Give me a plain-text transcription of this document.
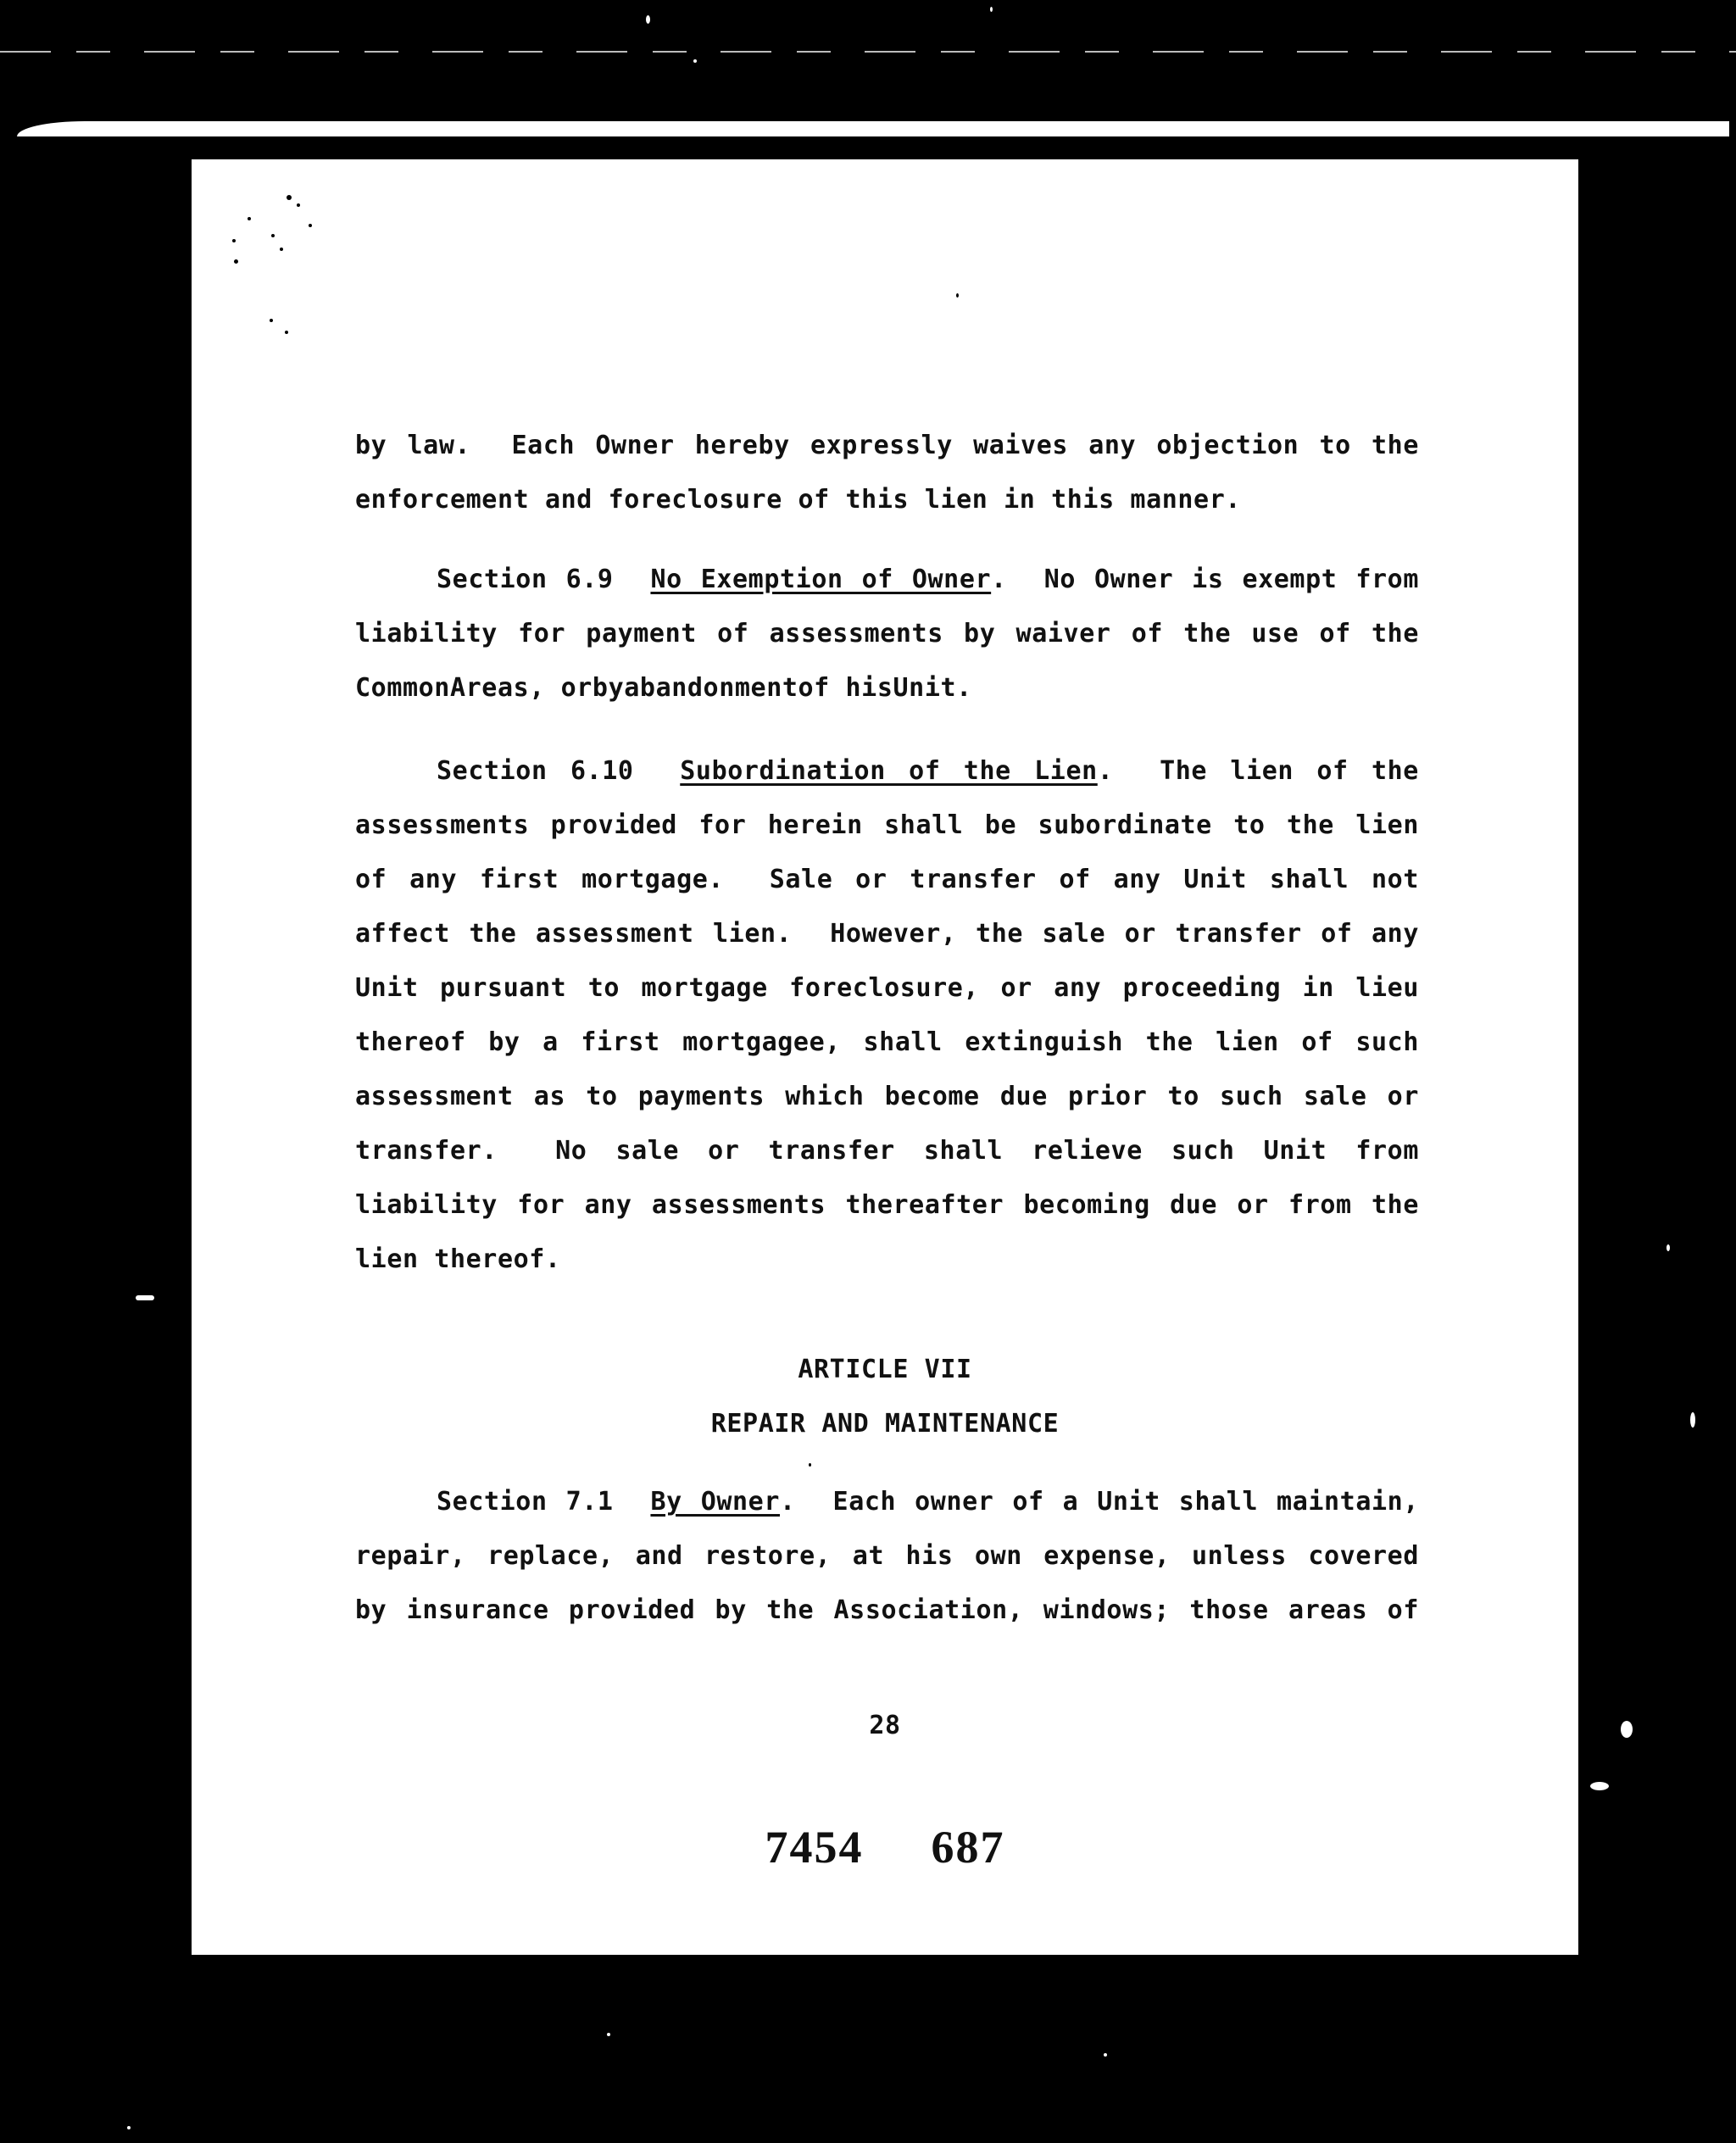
by law.  Each Owner hereby expressly waives any objection to the
enforcement and foreclosure of this lien in this manner.
Section 6.9 No Exemption of Owner.  No Owner is exempt from
liability for payment of assessments by waiver of the use of the
CommonAreas, orbyabandonmentof hisUnit.
Section 6.10 Subordination of the Lien.  The lien of the
assessments provided for herein shall be subordinate to the lien
of any first mortgage.  Sale or transfer of any Unit shall not
affect the assessment lien.  However, the sale or transfer of any
Unit pursuant to mortgage foreclosure, or any proceeding in lieu
thereof by a first mortgagee, shall extinguish the lien of such
assessment as to payments which become due prior to such sale or
transfer.  No sale or transfer shall relieve such Unit from
liability for any assessments thereafter becoming due or from the
lien thereof.
Section 7.1 By Owner.  Each owner of a Unit shall maintain,
repair, replace, and restore, at his own expense, unless covered
by insurance provided by the Association, windows; those areas of
ARTICLE VII
REPAIR AND MAINTENANCE
28
7454 687
